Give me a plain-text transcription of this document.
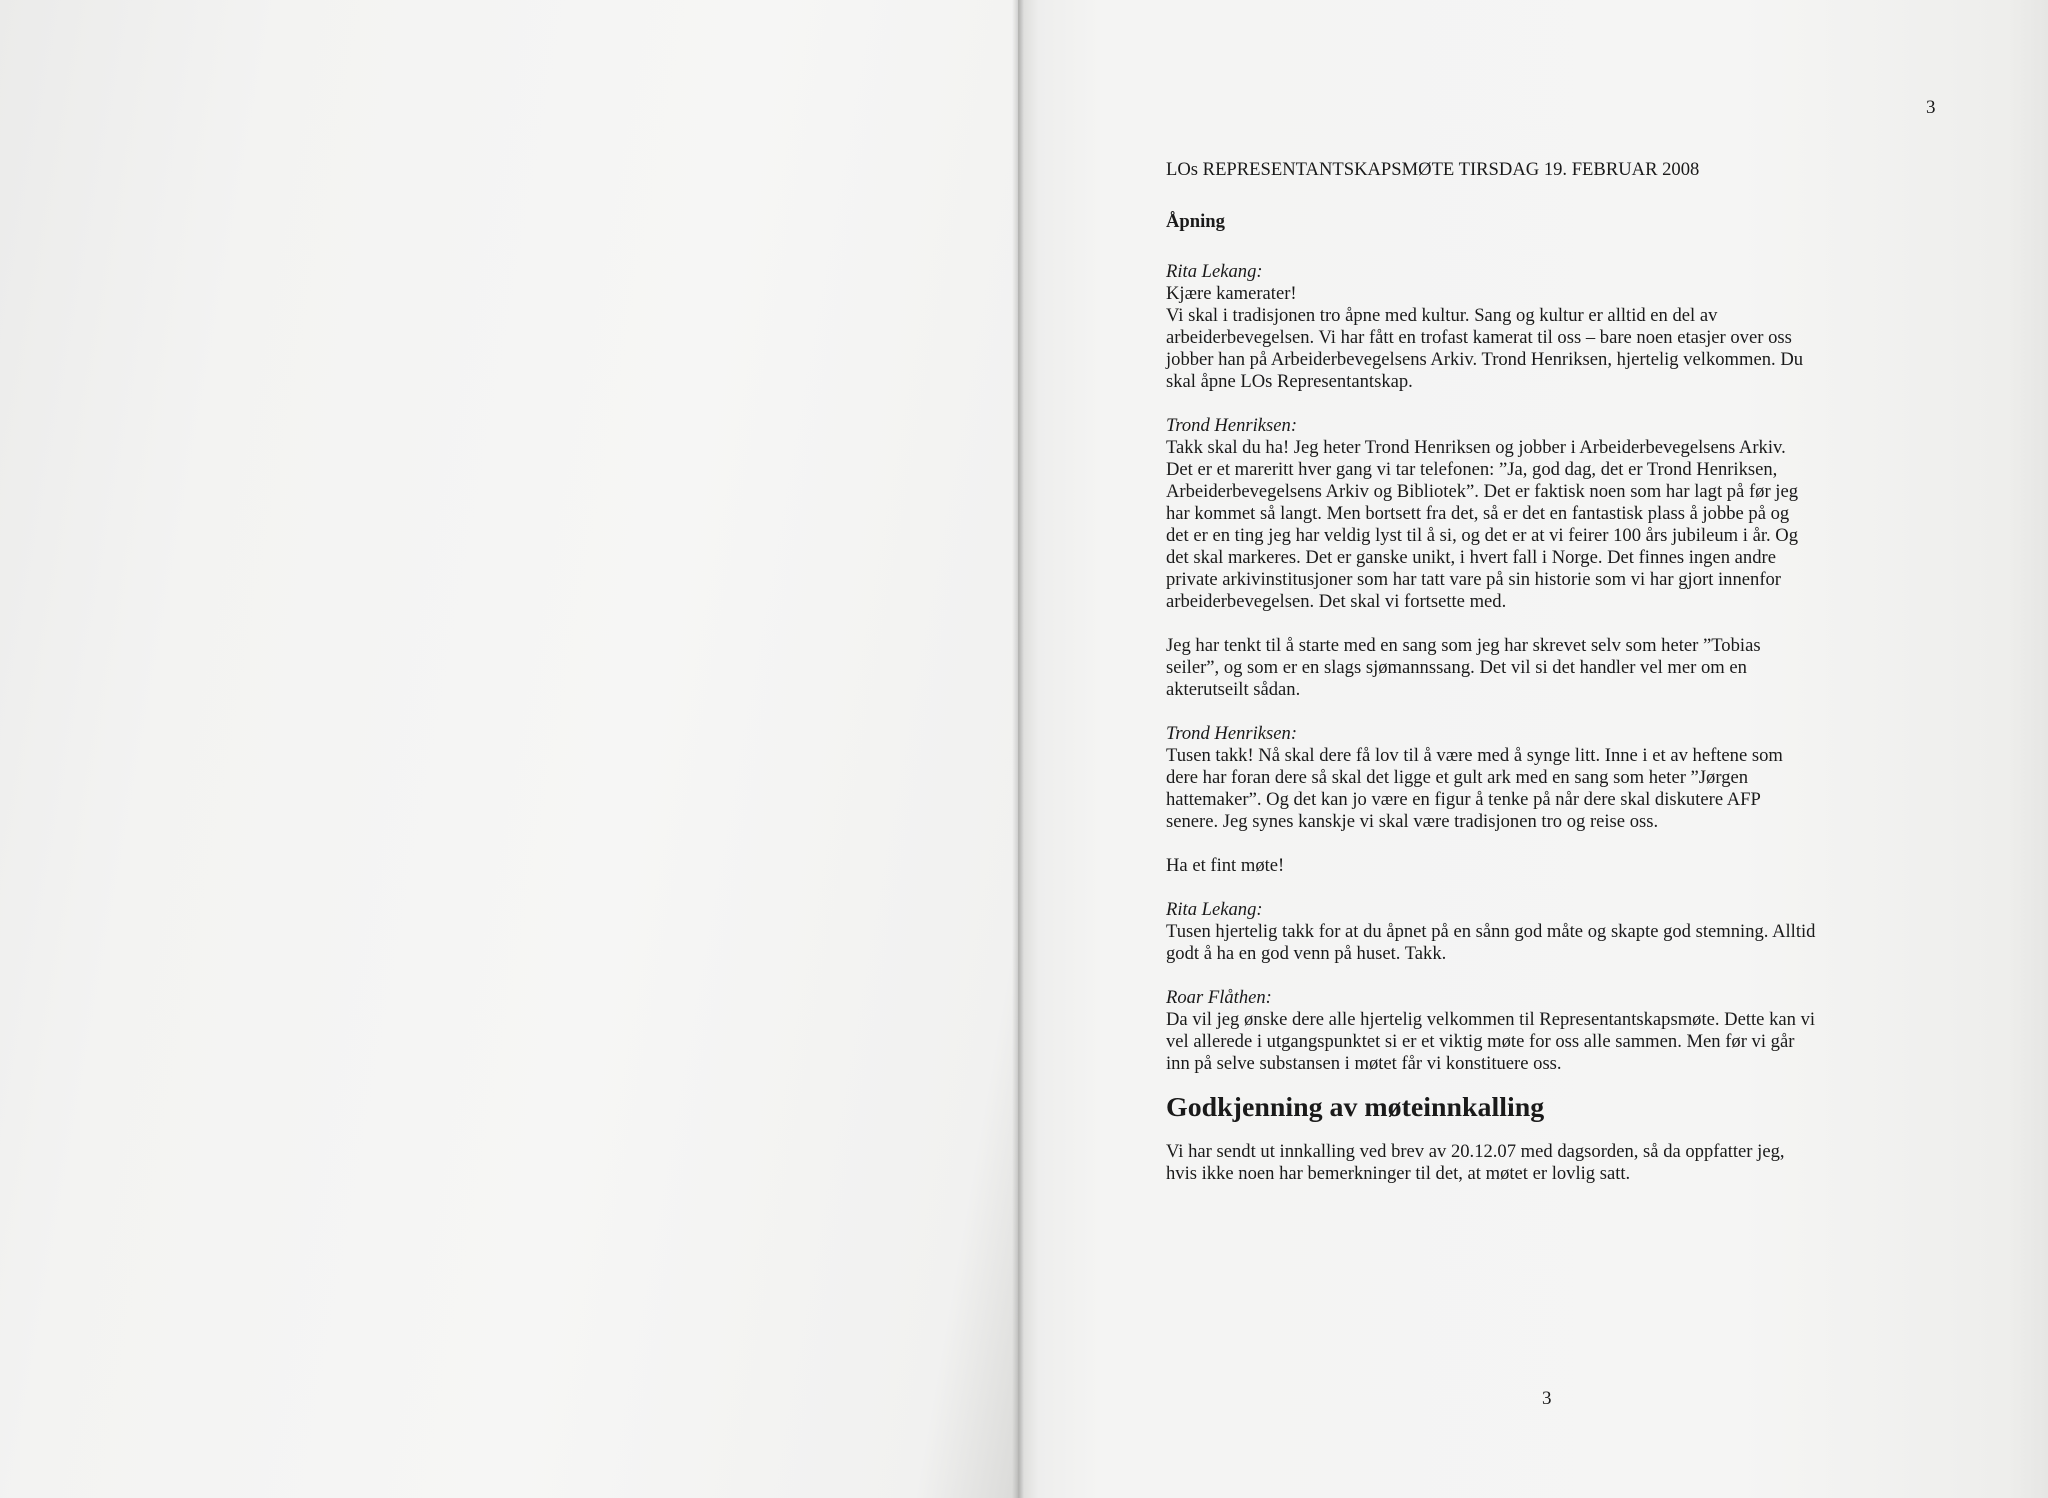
3
LOs REPRESENTANTSKAPSMØTE TIRSDAG 19. FEBRUAR 2008
Åpning

Rita Lekang:

Kjære kamerater!
Vi skal i tradisjonen tro åpne med kultur. Sang og kultur er alltid en del av arbeiderbevegelsen. Vi har fått en trofast kamerat til oss – bare noen etasjer over oss jobber han på Arbeiderbevegelsens Arkiv. Trond Henriksen, hjertelig velkommen. Du skal åpne LOs Representantskap.

Trond Henriksen:

Takk skal du ha! Jeg heter Trond Henriksen og jobber i Arbeiderbevegelsens Arkiv. Det er et mareritt hver gang vi tar telefonen: ”Ja, god dag, det er Trond Henriksen, Arbeiderbevegelsens Arkiv og Bibliotek”. Det er faktisk noen som har lagt på før jeg har kommet så langt. Men bortsett fra det, så er det en fantastisk plass å jobbe på og det er en ting jeg har veldig lyst til å si, og det er at vi feirer 100 års jubileum i år. Og det skal markeres. Det er ganske unikt, i hvert fall i Norge. Det finnes ingen andre private arkivinstitusjoner som har tatt vare på sin historie som vi har gjort innenfor arbeiderbevegelsen. Det skal vi fortsette med.

Jeg har tenkt til å starte med en sang som jeg har skrevet selv som heter ”Tobias seiler”, og som er en slags sjømannssang. Det vil si det handler vel mer om en akterutseilt sådan.

Trond Henriksen:

Tusen takk! Nå skal dere få lov til å være med å synge litt. Inne i et av heftene som dere har foran dere så skal det ligge et gult ark med en sang som heter ”Jørgen hattemaker”. Og det kan jo være en figur å tenke på når dere skal diskutere AFP senere. Jeg synes kanskje vi skal være tradisjonen tro og reise oss.

Ha et fint møte!

Rita Lekang:

Tusen hjertelig takk for at du åpnet på en sånn god måte og skapte god stemning. Alltid godt å ha en god venn på huset. Takk.

Roar Flåthen:

Da vil jeg ønske dere alle hjertelig velkommen til Representantskapsmøte. Dette kan vi vel allerede i utgangspunktet si er et viktig møte for oss alle sammen. Men før vi går inn på selve substansen i møtet får vi konstituere oss.

Godkjenning av møteinnkalling

Vi har sendt ut innkalling ved brev av 20.12.07 med dagsorden, så da oppfatter jeg, hvis ikke noen har bemerkninger til det, at møtet er lovlig satt.

3
